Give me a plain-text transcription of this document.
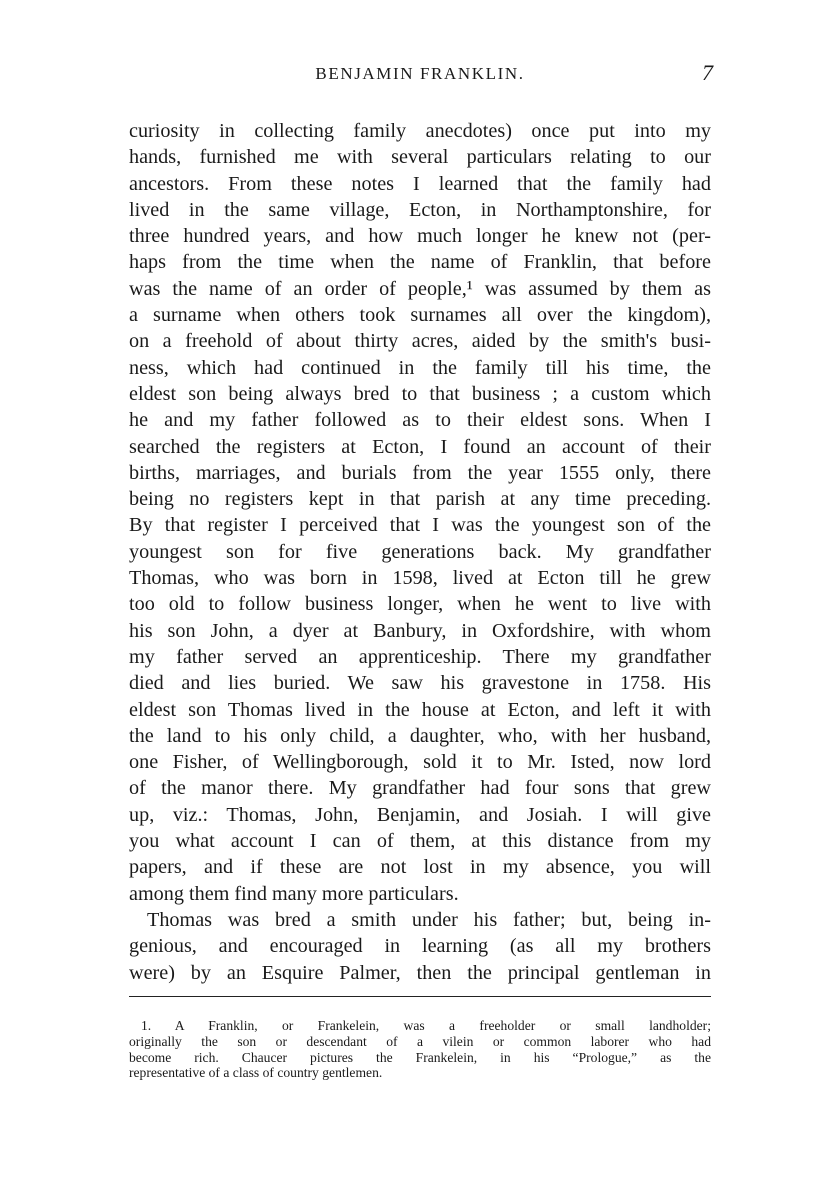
BENJAMIN FRANKLIN.	7
curiosity in collecting family anecdotes) once put into my
hands, furnished me with several particulars relating to our
ancestors. From these notes I learned that the family had
lived in the same village, Ecton, in Northamptonshire, for
three hundred years, and how much longer he knew not (per-
haps from the time when the name of Franklin, that before
was the name of an order of people,¹ was assumed by them as
a surname when others took surnames all over the kingdom),
on a freehold of about thirty acres, aided by the smith's busi-
ness, which had continued in the family till his time, the
eldest son being always bred to that business ; a custom which
he and my father followed as to their eldest sons. When I
searched the registers at Ecton, I found an account of their
births, marriages, and burials from the year 1555 only, there
being no registers kept in that parish at any time preceding.
By that register I perceived that I was the youngest son of the
youngest son for five generations back. My grandfather
Thomas, who was born in 1598, lived at Ecton till he grew
too old to follow business longer, when he went to live with
his son John, a dyer at Banbury, in Oxfordshire, with whom
my father served an apprenticeship. There my grandfather
died and lies buried. We saw his gravestone in 1758. His
eldest son Thomas lived in the house at Ecton, and left it with
the land to his only child, a daughter, who, with her husband,
one Fisher, of Wellingborough, sold it to Mr. Isted, now lord
of the manor there. My grandfather had four sons that grew
up, viz.: Thomas, John, Benjamin, and Josiah. I will give
you what account I can of them, at this distance from my
papers, and if these are not lost in my absence, you will
among them find many more particulars.
Thomas was bred a smith under his father; but, being in-
genious, and encouraged in learning (as all my brothers
were) by an Esquire Palmer, then the principal gentleman in
1. A Franklin, or Frankelein, was a freeholder or small landholder;
originally the son or descendant of a vilein or common laborer who had
become rich. Chaucer pictures the Frankelein, in his “Prologue,” as the
representative of a class of country gentlemen.
